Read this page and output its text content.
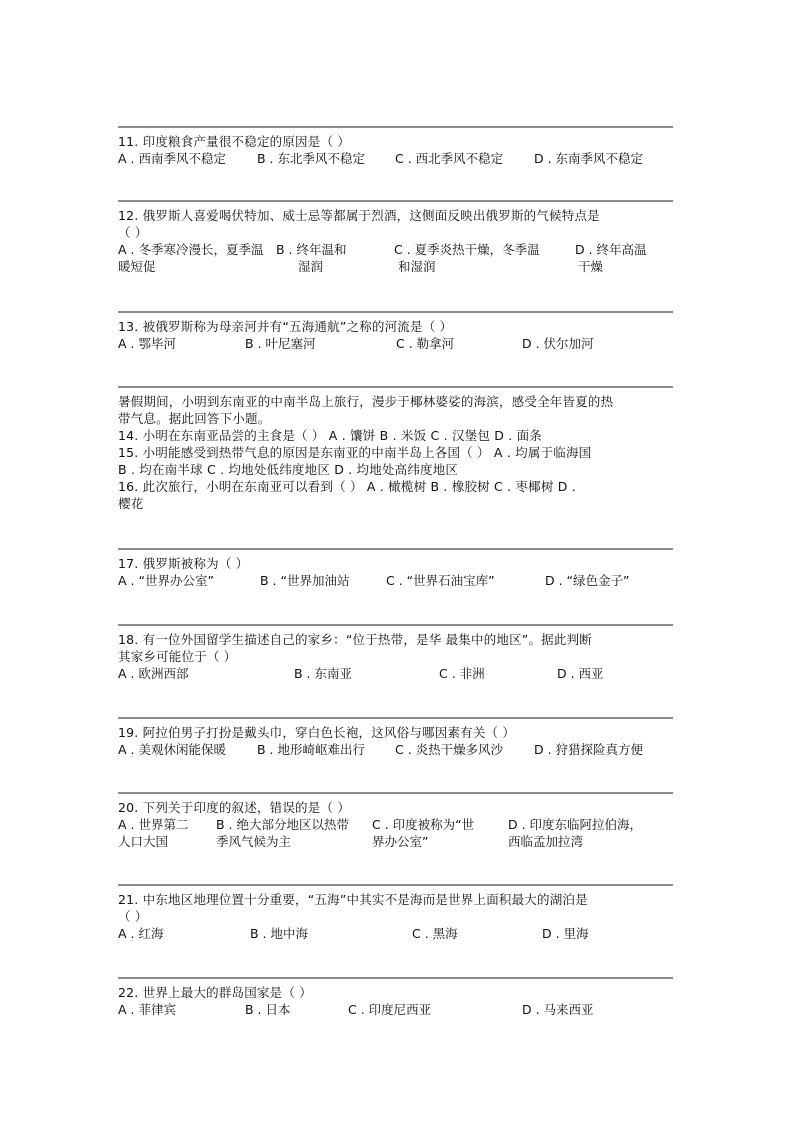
11. 印度粮食产量很不稳定的原因是（ ）
A . 西南季风不稳定 B . 东北季风不稳定 C . 西北季风不稳定 D . 东南季风不稳定
12. 俄罗斯人喜爱喝伏特加、威士忌等都属于烈酒，这侧面反映出俄罗斯的气候特点是
（ ）
A . 冬季寒冷漫长，夏季温
暖短促
B . 终年温和
湿润
C . 夏季炎热干燥，冬季温
和湿润
D . 终年高温
干燥
13. 被俄罗斯称为母亲河并有“五海通航”之称的河流是（ ）
A . 鄂毕河	B . 叶尼塞河	C . 勒拿河	D . 伏尔加河
暑假期间，小明到东南亚的中南半岛上旅行，漫步于椰林婆娑的海滨，感受全年皆夏的热
带气息。据此回答下小题。
14. 小明在东南亚品尝的主食是（ ） A . 馕饼 B . 米饭 C . 汉堡包 D . 面条
15. 小明能感受到热带气息的原因是东南亚的中南半岛上各国（ ） A . 均属于临海国
B . 均在南半球 C . 均地处低纬度地区 D . 均地处高纬度地区
16. 此次旅行，小明在东南亚可以看到（ ） A . 橄榄树 B . 橡胶树 C . 枣椰树 D .
樱花
17. 俄罗斯被称为（ ）
A . “世界办公室”	B . “世界加油站	C . “世界石油宝库”	D . “绿色金子”
18. 有一位外国留学生描述自己的家乡：“位于热带，是华 最集中的地区”。据此判断
其家乡可能位于（ ）
A . 欧洲西部	B . 东南亚	C . 非洲	D . 西亚
19. 阿拉伯男子打扮是戴头巾，穿白色长袍，这风俗与哪因素有关（ ）
A . 美观休闲能保暖 B . 地形崎岖难出行 C . 炎热干燥多风沙 D . 狩猎探险真方便
20. 下列关于印度的叙述，错误的是（ ）
A . 世界第二
人口大国
B . 绝大部分地区以热带
季风气候为主
C . 印度被称为“世
界办公室”
D . 印度东临阿拉伯海，
西临孟加拉湾
21. 中东地区地理位置十分重要，“五海”中其实不是海而是世界上面积最大的湖泊是
（ ）
A . 红海	B . 地中海	C . 黑海	D . 里海
22. 世界上最大的群岛国家是（ ）
A . 菲律宾	B . 日本	C . 印度尼西亚	D . 马来西亚
